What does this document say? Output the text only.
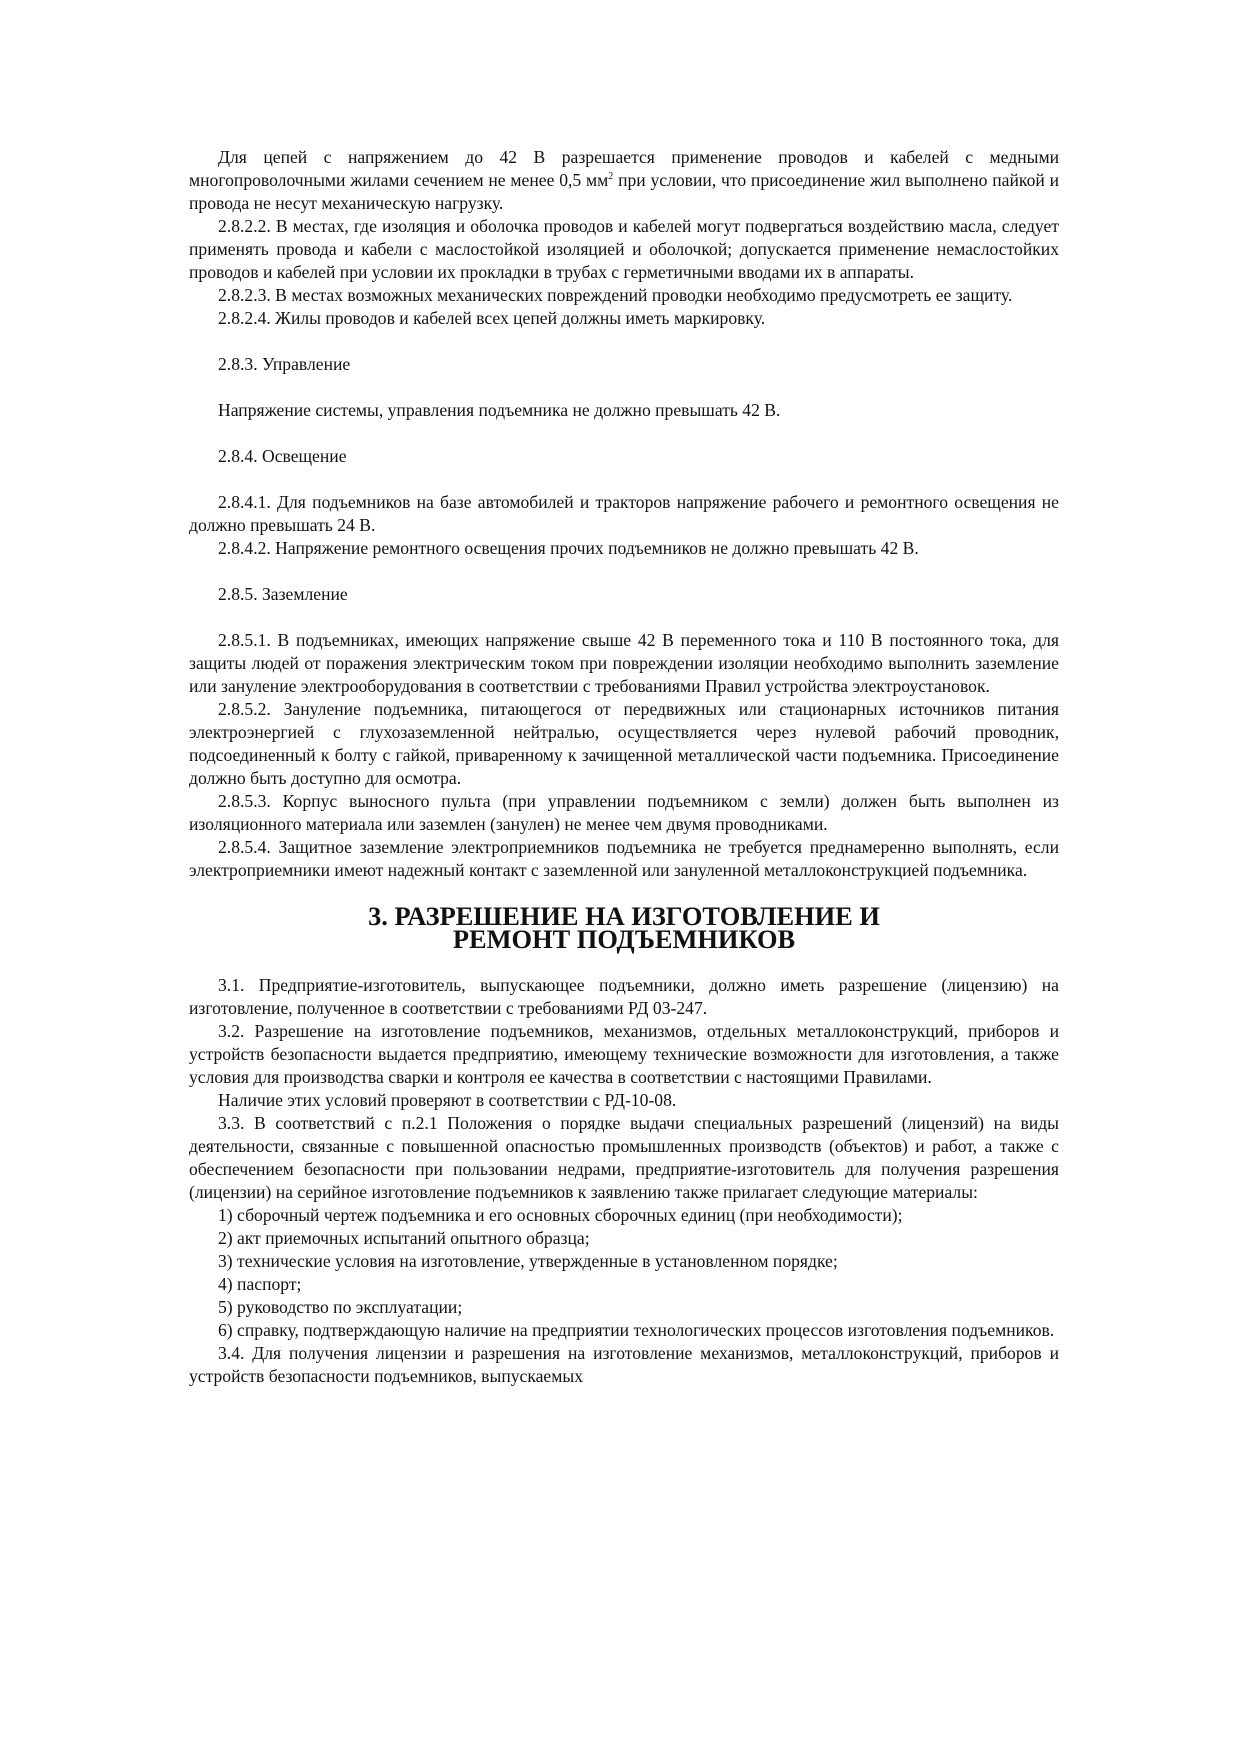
Для цепей с напряжением до 42 В разрешается применение проводов и кабелей с медными многопроволочными жилами сечением не менее 0,5 $мм^2$ при условии, что присоединение жил выполнено пайкой и провода не несут механическую нагрузку.

2.8.2.2. В местах, где изоляция и оболочка проводов и кабелей могут подвергаться воздействию масла, следует применять провода и кабели с маслостойкой изоляцией и оболочкой; допускается применение немаслостойких проводов и кабелей при условии их прокладки в трубах с герметичными вводами их в аппараты.

2.8.2.3. В местах возможных механических повреждений проводки необходимо предусмотреть ее защиту.

2.8.2.4. Жилы проводов и кабелей всех цепей должны иметь маркировку.

2.8.3. Управление

Напряжение системы, управления подъемника не должно превышать 42 В.

2.8.4. Освещение

2.8.4.1. Для подъемников на базе автомобилей и тракторов напряжение рабочего и ремонтного освещения не должно превышать 24 В.

2.8.4.2. Напряжение ремонтного освещения прочих подъемников не должно превышать 42 В.

2.8.5. Заземление

2.8.5.1. В подъемниках, имеющих напряжение свыше 42 В переменного тока и 110 В постоянного тока, для защиты людей от поражения электрическим током при повреждении изоляции необходимо выполнить заземление или зануление электрооборудования в соответствии с требованиями Правил устройства электроустановок.

2.8.5.2. Зануление подъемника, питающегося от передвижных или стационарных источников питания электроэнергией с глухозаземленной нейтралью, осуществляется через нулевой рабочий проводник, подсоединенный к болту с гайкой, приваренному к зачищенной металлической части подъемника. Присоединение должно быть доступно для осмотра.

2.8.5.3. Корпус выносного пульта (при управлении подъемником с земли) должен быть выполнен из изоляционного материала или заземлен (занулен) не менее чем двумя проводниками.

2.8.5.4. Защитное заземление электроприемников подъемника не требуется преднамеренно выполнять, если электроприемники имеют надежный контакт с заземленной или зануленной металлоконструкцией подъемника.

3. РАЗРЕШЕНИЕ НА ИЗГОТОВЛЕНИЕ И
РЕМОНТ ПОДЪЕМНИКОВ

3.1. Предприятие-изготовитель, выпускающее подъемники, должно иметь разрешение (лицензию) на изготовление, полученное в соответствии с требованиями РД 03-247.

3.2. Разрешение на изготовление подъемников, механизмов, отдельных металлоконструкций, приборов и устройств безопасности выдается предприятию, имеющему технические возможности для изготовления, а также условия для производства сварки и контроля ее качества в соответствии с настоящими Правилами.

Наличие этих условий проверяют в соответствии с РД-10-08.

3.3. В соответствий с п.2.1 Положения о порядке выдачи специальных разрешений (лицензий) на виды деятельности, связанные с повышенной опасностью промышленных производств (объектов) и работ, а также с обеспечением безопасности при пользовании недрами, предприятие-изготовитель для получения разрешения (лицензии) на серийное изготовление подъемников к заявлению также прилагает следующие материалы:

1) сборочный чертеж подъемника и его основных сборочных единиц (при необходимости);

2) акт приемочных испытаний опытного образца;

3) технические условия на изготовление, утвержденные в установленном порядке;

4) паспорт;

5) руководство по эксплуатации;

6) справку, подтверждающую наличие на предприятии технологических процессов изготовления подъемников.

3.4. Для получения лицензии и разрешения на изготовление механизмов, металлоконструкций, приборов и устройств безопасности подъемников, выпускаемых
